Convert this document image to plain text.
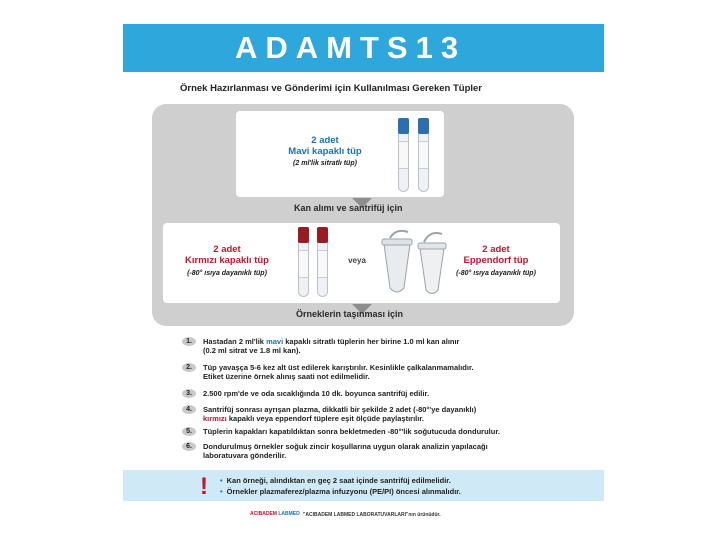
ADAMTS13
Örnek Hazırlanması ve Gönderimi için Kullanılması Gereken Tüpler
2 adet
Mavi kapaklı tüp
(2 ml'lik sitratlı tüp)
Kan alımı ve santrifüj için
2 adet
Kırmızı kapaklı tüp
(-80° ısıya dayanıklı tüp)
veya
2 adet
Eppendorf tüp
(-80° ısıya dayanıklı tüp)
Örneklerin taşınması için
1.	Hastadan 2 ml'lik mavi kapaklı sitratlı tüplerin her birine 1.0 ml kan alınır
(0.2 ml sitrat ve 1.8 ml kan).
2.	Tüp yavaşça 5-6 kez alt üst edilerek karıştırılır. Kesinlikle çalkalanmamalıdır.
Etiket üzerine örnek alınış saati not edilmelidir.
3.	2.500 rpm'de ve oda sıcaklığında 10 dk. boyunca santrifüj edilir.
4.	Santrifüj sonrası ayrışan plazma, dikkatli bir şekilde 2 adet (-80°'ye dayanıklı)
kırmızı kapaklı veya eppendorf tüplere eşit ölçüde paylaştırılır.
5.	Tüplerin kapakları kapatıldıktan sonra bekletmeden -80°'lik soğutucuda dondurulur.
6.	Dondurulmuş örnekler soğuk zincir koşullarına uygun olarak analizin yapılacağı
laboratuvara gönderilir.
! • Kan örneği, alındıktan en geç 2 saat içinde santrifüj edilmelidir.
• Örnekler plazmaferez/plazma infuzyonu (PE/PI) öncesi alınmalıdır.
ACIBADEM LABMED "ACIBADEM LABMED LABORATUVARLARI"nın ürünüdür.
